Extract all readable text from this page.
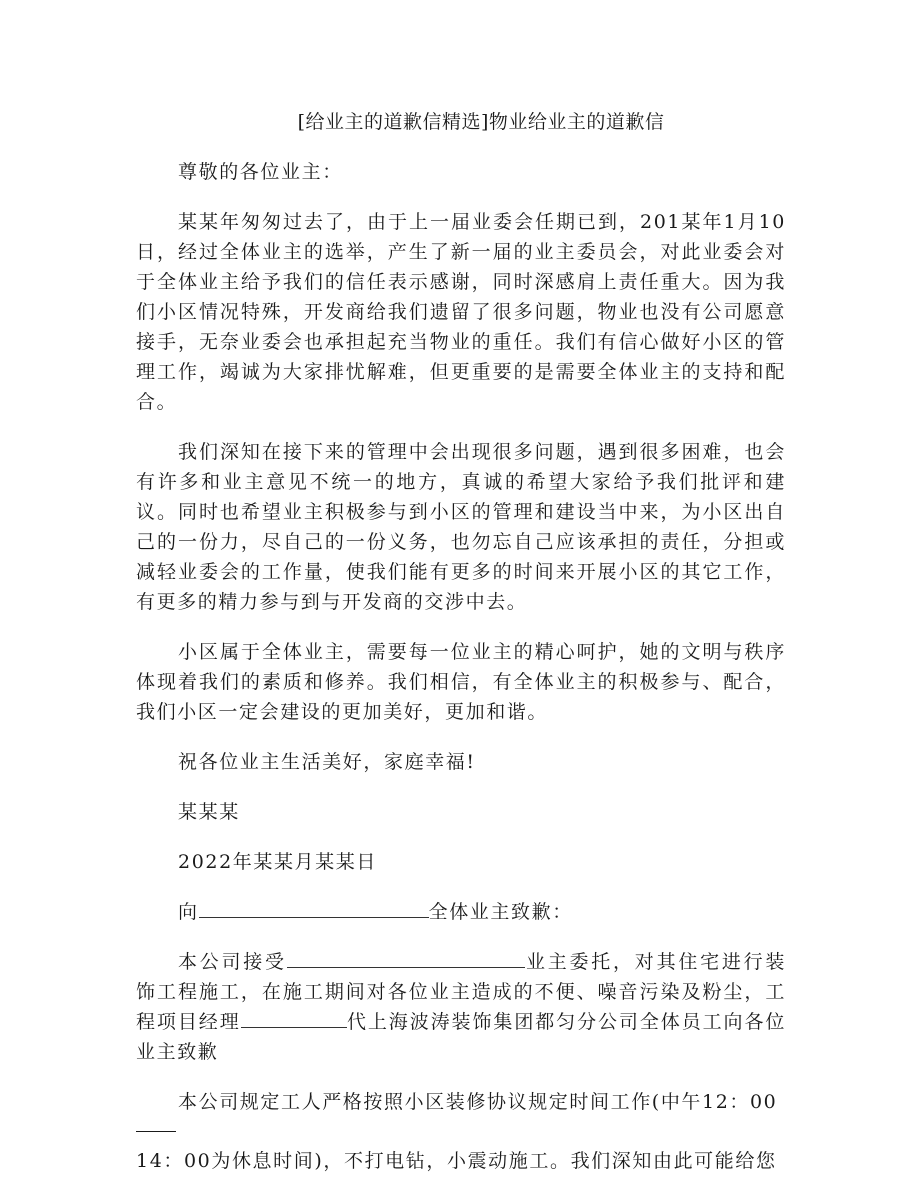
[给业主的道歉信精选]物业给业主的道歉信

尊敬的各位业主：

某某年匆匆过去了，由于上一届业委会任期已到，201某年1月10日，经过全体业主的选举，产生了新一届的业主委员会，对此业委会对于全体业主给予我们的信任表示感谢，同时深感肩上责任重大。因为我们小区情况特殊，开发商给我们遗留了很多问题，物业也没有公司愿意接手，无奈业委会也承担起充当物业的重任。我们有信心做好小区的管理工作，竭诚为大家排忧解难，但更重要的是需要全体业主的支持和配合。

我们深知在接下来的管理中会出现很多问题，遇到很多困难，也会有许多和业主意见不统一的地方，真诚的希望大家给予我们批评和建议。同时也希望业主积极参与到小区的管理和建设当中来，为小区出自己的一份力，尽自己的一份义务，也勿忘自己应该承担的责任，分担或减轻业委会的工作量，使我们能有更多的时间来开展小区的其它工作，有更多的精力参与到与开发商的交涉中去。

小区属于全体业主，需要每一位业主的精心呵护，她的文明与秩序体现着我们的素质和修养。我们相信，有全体业主的积极参与、配合，我们小区一定会建设的更加美好，更加和谐。

祝各位业主生活美好，家庭幸福!

某某某

2022年某某月某某日

向	全体业主致歉：

本公司接受	业主委托，对其住宅进行装饰工程施工，在施工期间对各位业主造成的不便、噪音污染及粉尘，工程项目经理	代上海波涛装饰集团都匀分公司全体员工向各位业主致歉

本公司规定工人严格按照小区装修协议规定时间工作(中午12：00

14：00为休息时间)，不打电钻，小震动施工。我们深知由此可能给您
